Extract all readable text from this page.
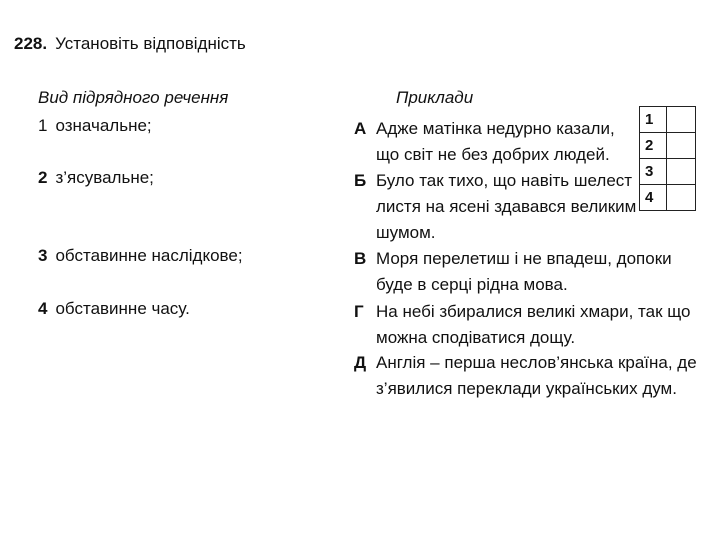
228. Установіть відповідність
Вид підрядного речення	Приклади
1 означальне;
2 з’ясувальне;
3 обставинне наслідкове;
4 обставинне часу.
А Адже матінка недурно казали,
що світ не без добрих людей.
Б Було так тихо, що навіть шелест
листя на ясені здавався великим
шумом.
В Моря перелетиш і не впадеш, допоки
буде в серці рідна мова.
Г На небі збиралися великі хмари, так що
можна сподіватися дощу.
Д Англія – перша неслов’янська країна, де
з’явилися переклади українських дум.
1	
2	
3	
4	
